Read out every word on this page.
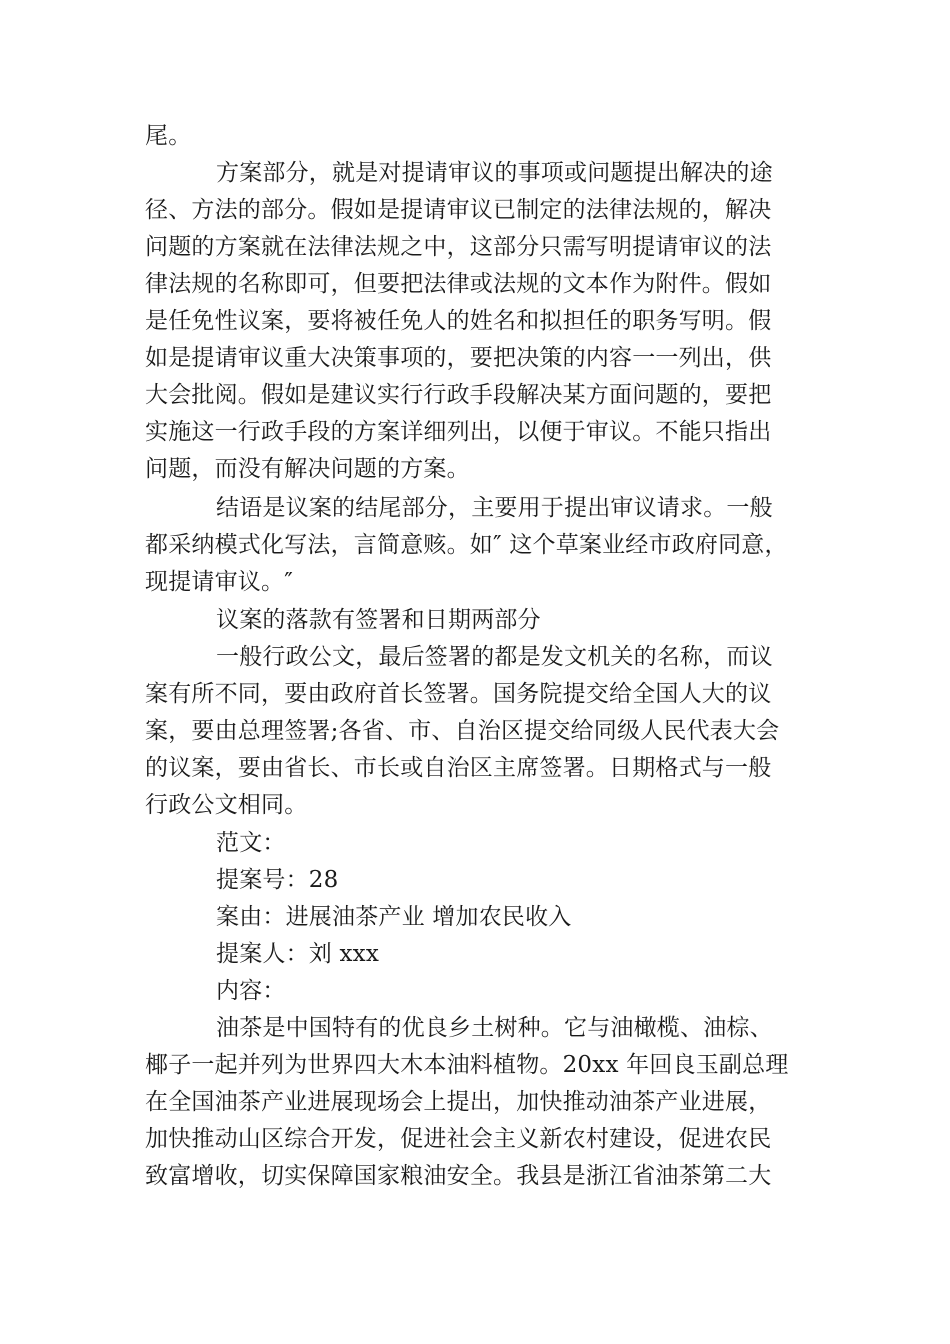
尾。
方案部分，就是对提请审议的事项或问题提出解决的途
径、方法的部分。假如是提请审议已制定的法律法规的，解决
问题的方案就在法律法规之中，这部分只需写明提请审议的法
律法规的名称即可，但要把法律或法规的文本作为附件。假如
是任免性议案，要将被任免人的姓名和拟担任的职务写明。假
如是提请审议重大决策事项的，要把决策的内容一一列出，供
大会批阅。假如是建议实行行政手段解决某方面问题的，要把
实施这一行政手段的方案详细列出，以便于审议。不能只指出
问题，而没有解决问题的方案。
结语是议案的结尾部分，主要用于提出审议请求。一般
都采纳模式化写法，言简意赅。如″ 这个草案业经市政府同意，
现提请审议。″
议案的落款有签署和日期两部分
一般行政公文，最后签署的都是发文机关的名称，而议
案有所不同，要由政府首长签署。国务院提交给全国人大的议
案，要由总理签署;各省、市、自治区提交给同级人民代表大会
的议案，要由省长、市长或自治区主席签署。日期格式与一般
行政公文相同。
范文：
提案号：28
案由：进展油茶产业 增加农民收入
提案人：刘 xxx
内容：
油茶是中国特有的优良乡土树种。它与油橄榄、油棕、
椰子一起并列为世界四大木本油料植物。20xx 年回良玉副总理
在全国油茶产业进展现场会上提出，加快推动油茶产业进展，
加快推动山区综合开发，促进社会主义新农村建设，促进农民
致富增收，切实保障国家粮油安全。我县是浙江省油茶第二大
